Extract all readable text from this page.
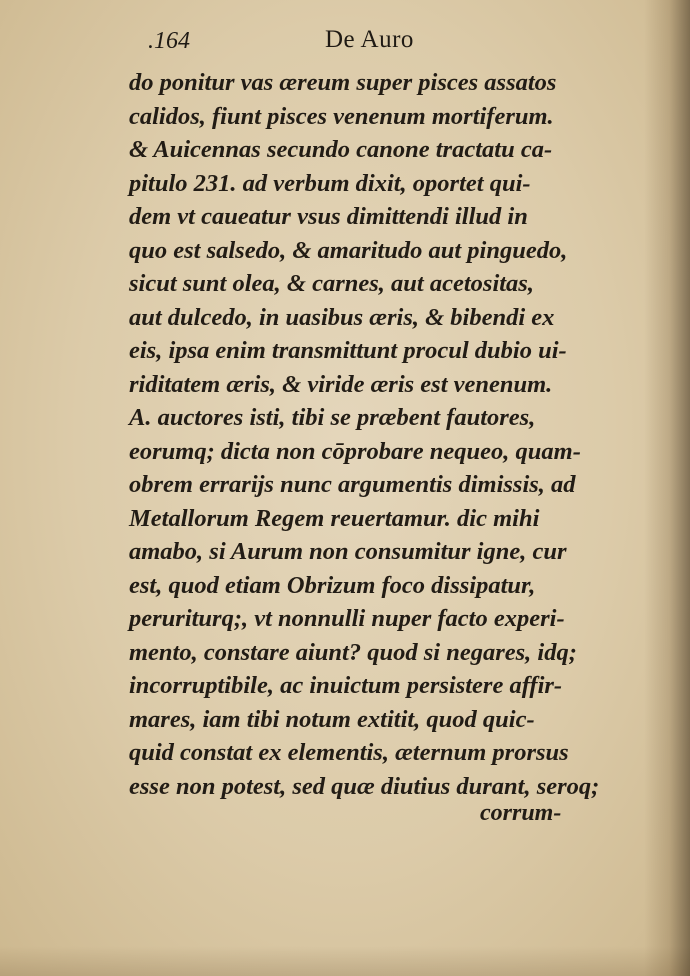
.164	De Auro
do ponitur vas æreum super pisces assatos
calidos, fiunt pisces venenum mortiferum.
& Auicennas secundo canone tractatu ca-
pitulo 231. ad verbum dixit, oportet qui-
dem vt caueatur vsus dimittendi illud in
quo est salsedo, & amaritudo aut pinguedo,
sicut sunt olea, & carnes, aut acetositas,
aut dulcedo, in uasibus æris, & bibendi ex
eis, ipsa enim transmittunt procul dubio ui-
riditatem æris, & viride æris est venenum.
A. auctores isti, tibi se præbent fautores,
eorumq; dicta non cōprobare nequeo, quam-
obrem errarijs nunc argumentis dimissis, ad
Metallorum Regem reuertamur. dic mihi
amabo, si Aurum non consumitur igne, cur
est, quod etiam Obrizum foco dissipatur,
peruriturq;, vt nonnulli nuper facto experi-
mento, constare aiunt? quod si negares, idq;
incorruptibile, ac inuictum persistere affir-
mares, iam tibi notum extitit, quod quic-
quid constat ex elementis, æternum prorsus
esse non potest, sed quæ diutius durant, seroq;
corrum-
